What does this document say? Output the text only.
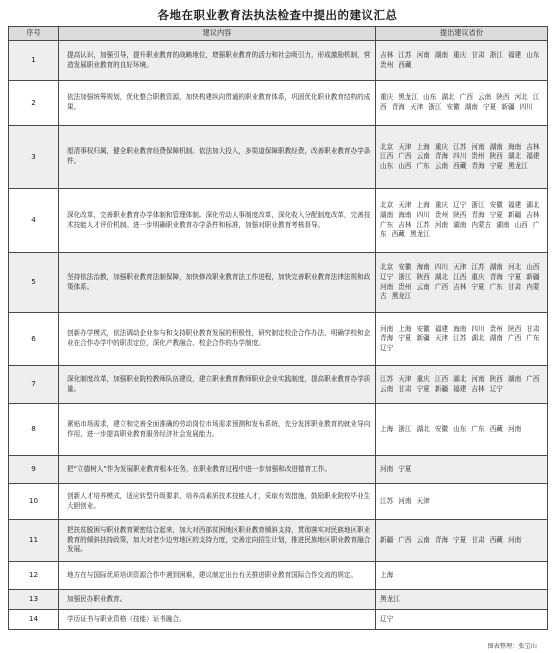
各地在职业教育法执法检查中提出的建议汇总
序号	建议内容	提出建议省份
1	提高认识，加强引导，提升职业教育的战略地位，增强职业教育的活力和社会吸引力，形成激励机制，营造发展职业教育的良好环境。	吉林 江苏 河南 湖南 重庆 甘肃 浙江 福建 山东 贵州 西藏
2	依法加强统筹规划，优化整合职教资源，加快构建纵向贯通的职业教育体系，巩固优化职业教育结构的成果。	重庆 黑龙江 山东 湖北 广西 云南 陕西 河北 江西 青海 天津 浙江 安徽 湖南 宁夏 新疆 四川
3	厘清事权归属，健全职业教育经费保障机制。依法加大投入，多渠道保障职教经费，改善职业教育办学条件。	北京 天津 上海 重庆 江苏 河南 湖南 海南 吉林 江西 广西 云南 青海 四川 贵州 陕西 湖北 福建 山东 山西 广东 云南 西藏 青海 宁夏 黑龙江
4	深化改革，完善职业教育办学体制和管理体制。深化劳动人事制度改革，深化收入分配制度改革，完善技术技能人才评价机制。进一步明确职业教育办学条件和标准，加强对职业教育考核督导。	北京 天津 上海 重庆 辽宁 浙江 安徽 福建 湖北 湖南 海南 四川 贵州 陕西 青海 宁夏 新疆 吉林 广东 吉林 江苏 河南 湖南 内蒙古 湖南 山西 广东 西藏 黑龙江
5	坚持依法治教，加强职业教育法制保障，加快修改职业教育法工作进程，加快完善职业教育法律法规和政策体系。	北京 安徽 海南 四川 天津 江苏 湖南 河北 山西 辽宁 浙江 陕西 湖北 江西 重庆 青海 宁夏 新疆 河南 贵州 云南 广西 吉林 宁夏 广东 甘肃 内蒙古 黑龙江
6	创新办学模式，依法调动企业参与和支持职业教育发展的积极性，研究制定校企合作办法，明确学校和企业在合作办学中的职责定位，深化产教融合、校企合作的办学制度。	河南 上海 安徽 福建 海南 四川 贵州 陕西 甘肃 青海 宁夏 新疆 天津 江苏 湖北 湖南 广西 广东 辽宁
7	深化制度改革，加强职业院校教师队伍建设，建立职业教育教师职业企业实践制度，提高职业教育办学质量。	江苏 天津 重庆 江西 湖北 河南 陕西 湖南 广西 云南 甘肃 宁夏 新疆 福建 吉林 辽宁
8	紧贴市场需求，建立和完善全面准确的劳动岗位市场需求预测和发布系统，充分发挥职业教育的就业导向作用，进一步提高职业教育服务经济社会发展能力。	上海 浙江 湖北 安徽 山东 广东 西藏 河南
9	把“立德树人”作为发展职业教育根本任务，在职业教育过程中进一步加强和改进德育工作。	河南 宁夏
10	创新人才培养模式，适应转型升级要求，培养高素质技术技能人才，采取有效措施，鼓励职业院校毕业生大胆创业。	江苏 河南 天津
11	把扶贫脱困与职业教育紧密结合起来，加大对西部贫困地区职业教育倾斜支持，贯彻落实对民族地区职业教育的倾斜扶持政策，加大对老少边穷地区的支持力度，完善定向招生计划，推进民族地区职业教育融合发展。	新疆 广西 云南 青海 宁夏 甘肃 西藏 河南
12	地方在与国际优质培训资源合作中遇到困难，建议制定出台有关推进职业教育国际合作交流的规定。	上海
13	加强民办职业教育。	黑龙江
14	学历证书与职业资格（技能）证书融合。	辽宁
图表整理：张宝山
